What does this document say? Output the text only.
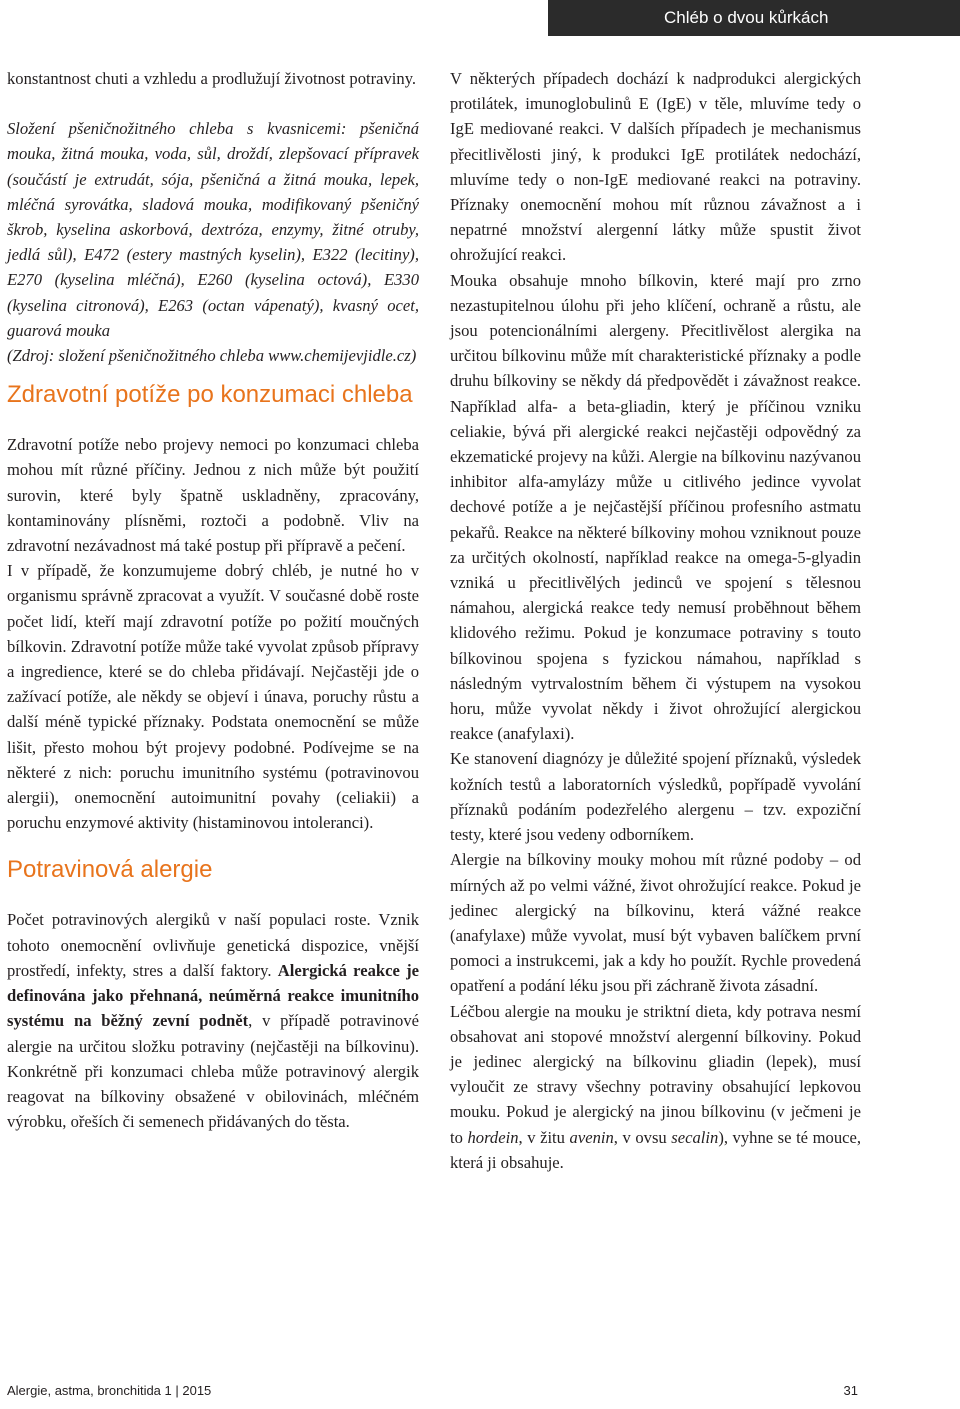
Chléb o dvou kůrkách

konstantnost chuti a vzhledu a prodlužují životnost potraviny.

Složení pšeničnožitného chleba s kvasnicemi: pšeničná mouka, žitná mouka, voda, sůl, droždí, zlepšovací přípravek (součástí je extrudát, sója, pšeničná a žitná mouka, lepek, mléčná syrovátka, sladová mouka, modifikovaný pšeničný škrob, kyselina askorbová, dextróza, enzymy, žitné otruby, jedlá sůl), E472 (estery mastných kyselin), E322 (lecitiny), E270 (kyselina mléčná), E260 (kyselina octová), E330 (kyselina citronová), E263 (octan vápenatý), kvasný ocet, guarová mouka

(Zdroj: složení pšeničnožitného chleba www.chemijevjidle.cz)

Zdravotní potíže po konzumaci chleba

Zdravotní potíže nebo projevy nemoci po konzumaci chleba mohou mít různé příčiny. Jednou z nich může být použití surovin, které byly špatně uskladněny, zpracovány, kontaminovány plísněmi, roztoči a podobně. Vliv na zdravotní nezávadnost má také postup při přípravě a pečení.

I v případě, že konzumujeme dobrý chléb, je nutné ho v organismu správně zpracovat a využít. V současné době roste počet lidí, kteří mají zdravotní potíže po požití moučných bílkovin. Zdravotní potíže může také vyvolat způsob přípravy a ingredience, které se do chleba přidávají. Nejčastěji jde o zažívací potíže, ale někdy se objeví i únava, poruchy růstu a další méně typické příznaky. Podstata onemocnění se může lišit, přesto mohou být projevy podobné. Podívejme se na některé z nich: poruchu imunitního systému (potravinovou alergii), onemocnění autoimunitní povahy (celiakii) a poruchu enzymové aktivity (histaminovou intoleranci).

Potravinová alergie

Počet potravinových alergiků v naší populaci roste. Vznik tohoto onemocnění ovlivňuje genetická dispozice, vnější prostředí, infekty, stres a další faktory. Alergická reakce je definována jako přehnaná, neúměrná reakce imunitního systému na běžný zevní podnět, v případě potravinové alergie na určitou složku potraviny (nejčastěji na bílkovinu). Konkrétně při konzumaci chleba může potravinový alergik reagovat na bílkoviny obsažené v obilovinách, mléčném výrobku, ořeších či semenech přidávaných do těsta.

V některých případech dochází k nadprodukci alergických protilátek, imunoglobulinů E (IgE) v těle, mluvíme tedy o IgE mediované reakci. V dalších případech je mechanismus přecitlivělosti jiný, k produkci IgE protilátek nedochází, mluvíme tedy o non-IgE mediované reakci na potraviny. Příznaky onemocnění mohou mít různou závažnost a i nepatrné množství alergenní látky může spustit život ohrožující reakci.

Mouka obsahuje mnoho bílkovin, které mají pro zrno nezastupitelnou úlohu při jeho klíčení, ochraně a růstu, ale jsou potencionálními alergeny. Přecitlivělost alergika na určitou bílkovinu může mít charakteristické příznaky a podle druhu bílkoviny se někdy dá předpovědět i závažnost reakce. Například alfa- a beta-gliadin, který je příčinou vzniku celiakie, bývá při alergické reakci nejčastěji odpovědný za ekzematické projevy na kůži. Alergie na bílkovinu nazývanou inhibitor alfa-amylázy může u citlivého jedince vyvolat dechové potíže a je nejčastější příčinou profesního astmatu pekařů. Reakce na některé bílkoviny mohou vzniknout pouze za určitých okolností, například reakce na omega-5-glyadin vzniká u přecitlivělých jedinců ve spojení s tělesnou námahou, alergická reakce tedy nemusí proběhnout během klidového režimu. Pokud je konzumace potraviny s touto bílkovinou spojena s fyzickou námahou, například s následným vytrvalostním během či výstupem na vysokou horu, může vyvolat někdy i život ohrožující alergickou reakce (anafylaxi).

Ke stanovení diagnózy je důležité spojení příznaků, výsledek kožních testů a laboratorních výsledků, popřípadě vyvolání příznaků podáním podezřelého alergenu – tzv. expoziční testy, které jsou vedeny odborníkem.

Alergie na bílkoviny mouky mohou mít různé podoby – od mírných až po velmi vážné, život ohrožující reakce. Pokud je jedinec alergický na bílkovinu, která vážné reakce (anafylaxe) může vyvolat, musí být vybaven balíčkem první pomoci a instrukcemi, jak a kdy ho použít. Rychle provedená opatření a podání léku jsou při záchraně života zásadní.

Léčbou alergie na mouku je striktní dieta, kdy potrava nesmí obsahovat ani stopové množství alergenní bílkoviny. Pokud je jedinec alergický na bílkovinu gliadin (lepek), musí vyloučit ze stravy všechny potraviny obsahující lepkovou mouku. Pokud je alergický na jinou bílkovinu (v ječmeni je to hordein, v žitu avenin, v ovsu secalin), vyhne se té mouce, která ji obsahuje.

Alergie, astma, bronchitida 1 | 2015	31
